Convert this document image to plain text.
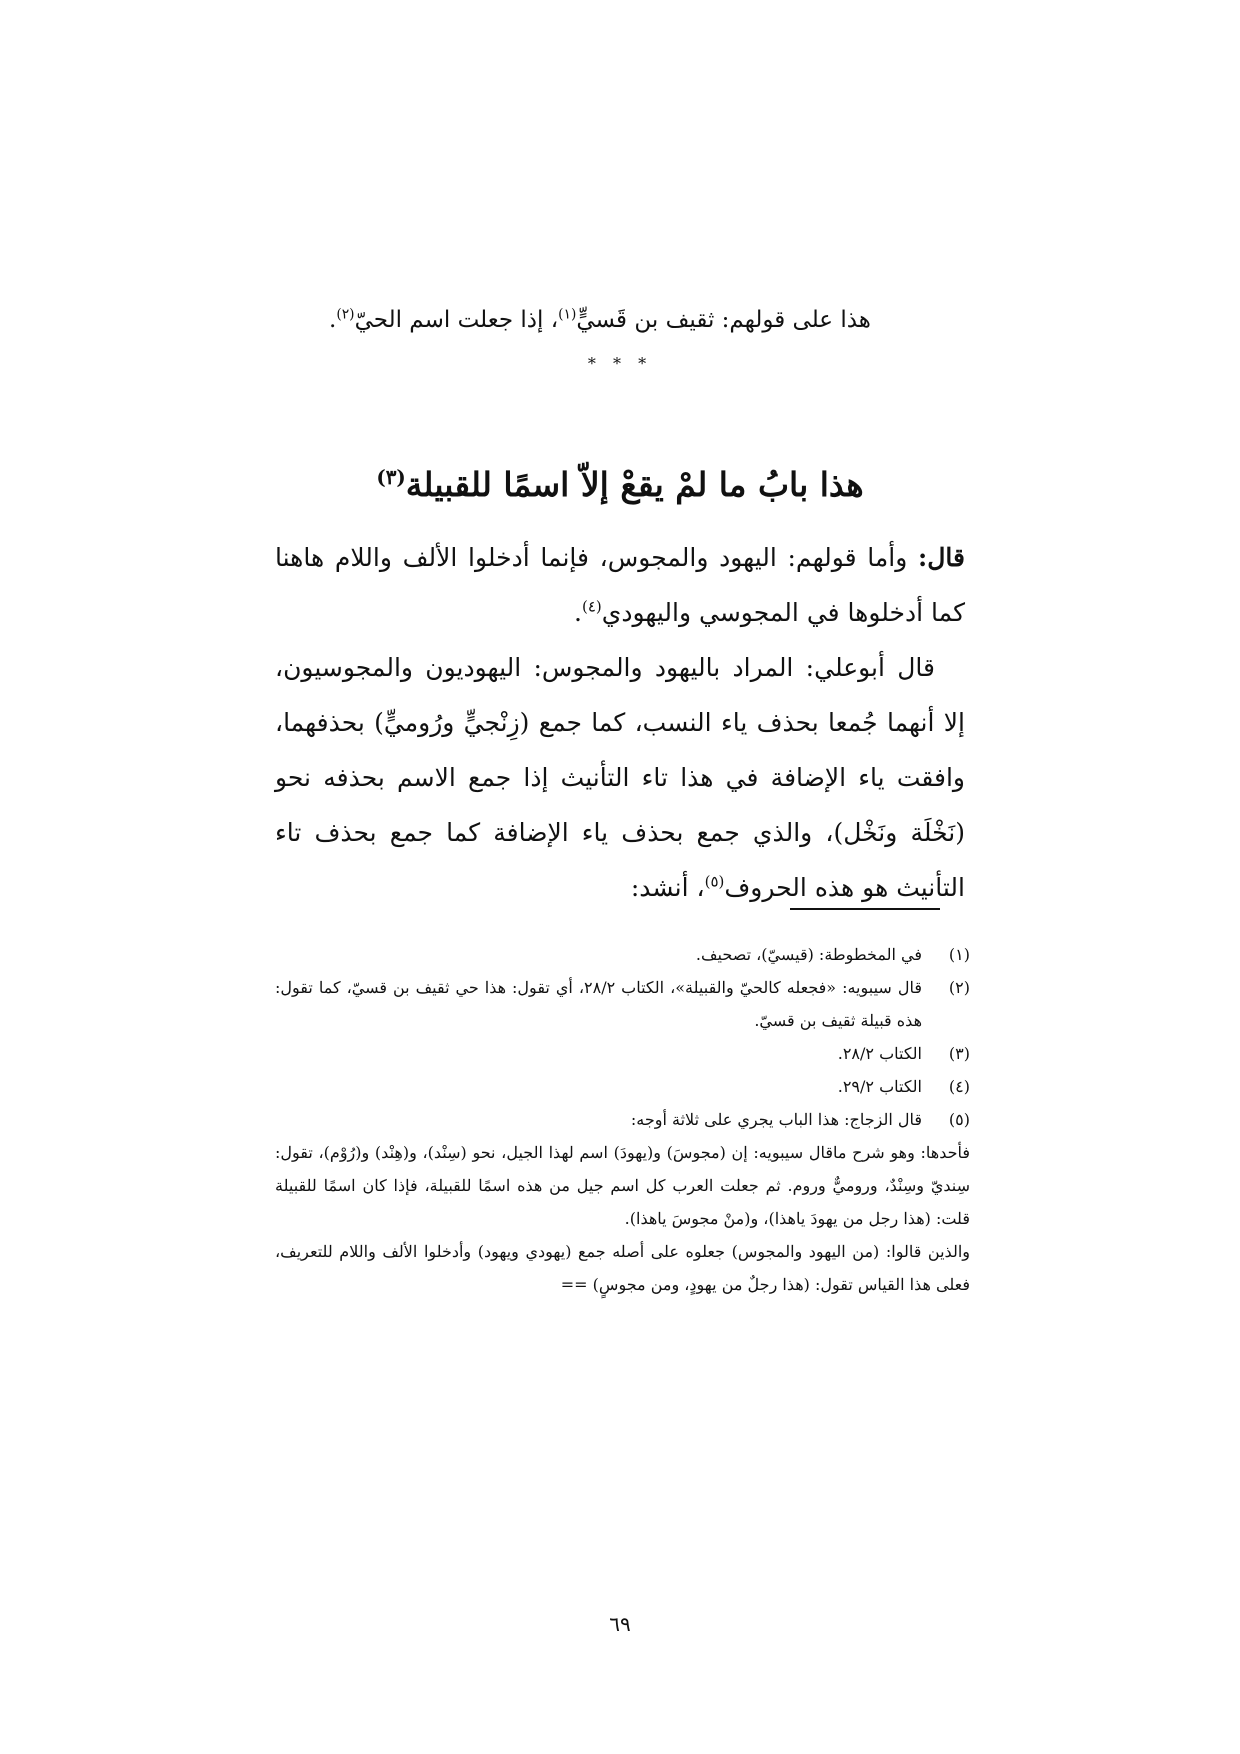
هذا على قولهم: ثقيف بن قَسيٍّ$^{(١)}$، إذا جعلت اسم الحيّ$^{(٢)}$.
* * *
هذا بابُ ما لمْ يقعْ إلاّ اسمًا للقبيلة$^{(٣)}$

قال: وأما قولهم: اليهود والمجوس، فإنما أدخلوا الألف واللام هاهنا كما أدخلوها في المجوسي واليهودي$^{(٤)}$.

قال أبوعلي: المراد باليهود والمجوس: اليهوديون والمجوسيون، إلا أنهما جُمعا بحذف ياء النسب، كما جمع (زِنْجيٍّ ورُوميٍّ) بحذفهما، وافقت ياء الإضافة في هذا تاء التأنيث إذا جمع الاسم بحذفه نحو (نَخْلَة ونَخْل)، والذي جمع بحذف ياء الإضافة كما جمع بحذف تاء التأنيث هو هذه الحروف$^{(٥)}$، أنشد:

(١)

في المخطوطة: (قيسيّ)، تصحيف.

(٢)

قال سيبويه: «فجعله كالحيّ والقبيلة»، الكتاب ٢٨/٢، أي تقول: هذا حي ثقيف بن قسيّ، كما تقول: هذه قبيلة ثقيف بن قسيّ.

(٣)

الكتاب ٢٨/٢.

(٤)

الكتاب ٢٩/٢.

(٥)

قال الزجاج: هذا الباب يجري على ثلاثة أوجه:

فأحدها: وهو شرح ماقال سيبويه: إن (مجوسَ) و(يهودَ) اسم لهذا الجيل، نحو (سِنْد)، و(هِنْد) و(رُوْم)، تقول: سِنديّ وسِنْدٌ، وروميٌّ وروم. ثم جعلت العرب كل اسم جيل من هذه اسمًا للقبيلة، فإذا كان اسمًا للقبيلة قلت: (هذا رجل من يهودَ ياهذا)، و(منْ مجوسَ ياهذا).

والذين قالوا: (من اليهود والمجوس) جعلوه على أصله جمع (يهودي ويهود) وأدخلوا الألف واللام للتعريف، فعلى هذا القياس تقول: (هذا رجلٌ من يهودٍ، ومن مجوسٍ) ==

٦٩
